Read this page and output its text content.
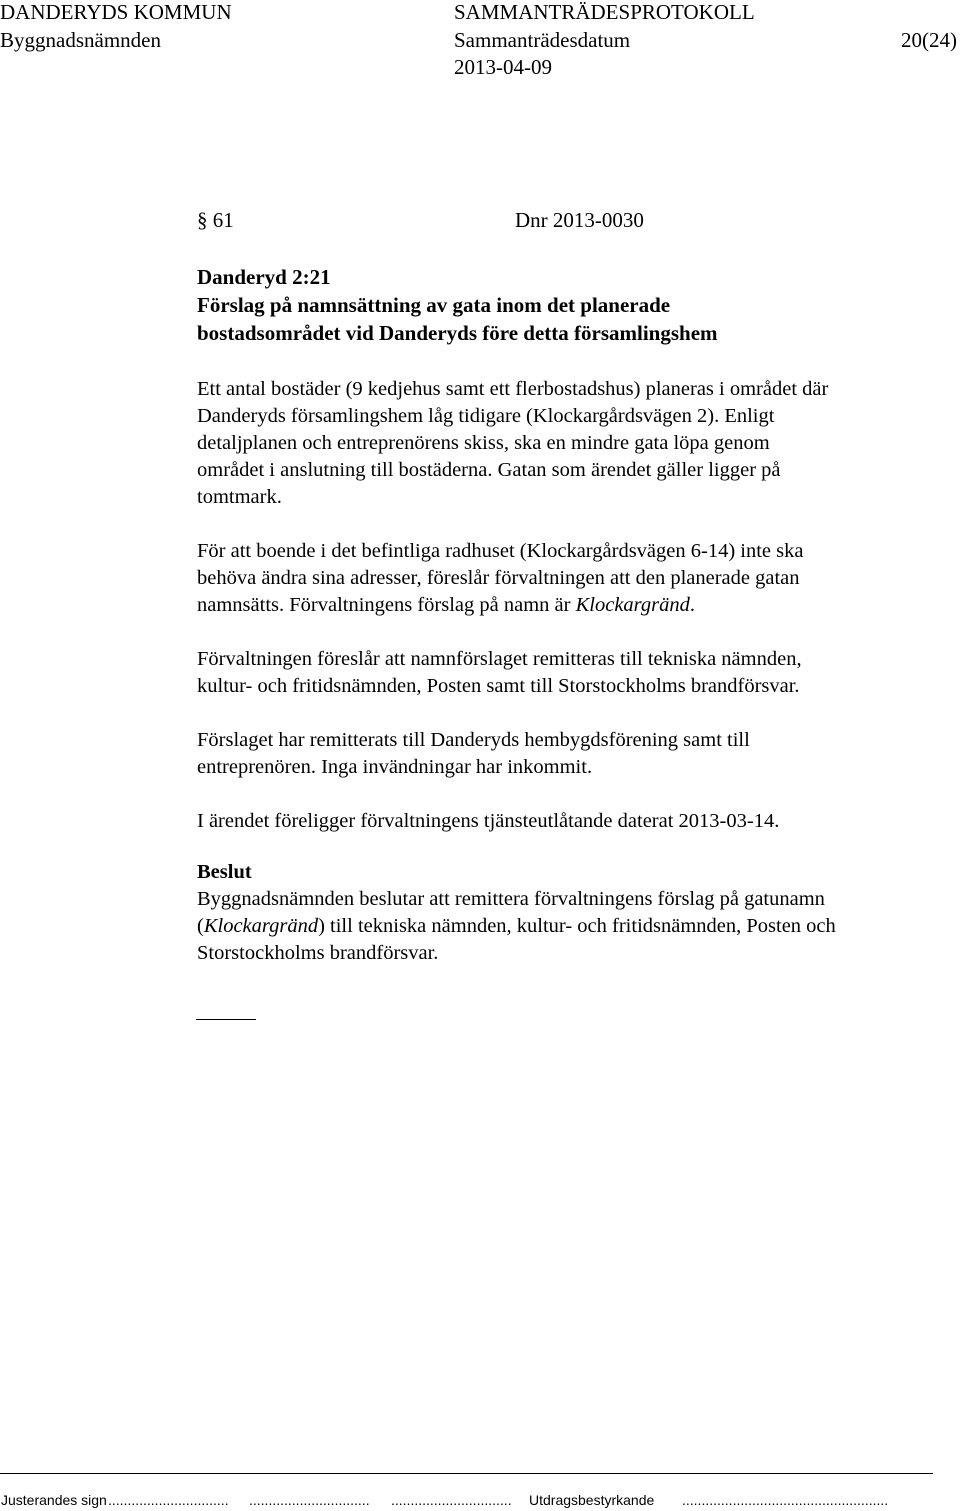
DANDERYDS KOMMUN	SAMMANTRÄDESPROTOKOLL
Byggnadsnämnden	Sammanträdesdatum	20(24)
2013-04-09
§ 61	Dnr 2013-0030
Danderyd 2:21
Förslag på namnsättning av gata inom det planerade
bostadsområdet vid Danderyds före detta församlingshem
Ett antal bostäder (9 kedjehus samt ett flerbostadshus) planeras i området där
Danderyds församlingshem låg tidigare (Klockargårdsvägen 2). Enligt
detaljplanen och entreprenörens skiss, ska en mindre gata löpa genom
området i anslutning till bostäderna. Gatan som ärendet gäller ligger på
tomtmark.
För att boende i det befintliga radhuset (Klockargårdsvägen 6-14) inte ska
behöva ändra sina adresser, föreslår förvaltningen att den planerade gatan
namnsätts. Förvaltningens förslag på namn är Klockargränd.
Förvaltningen föreslår att namnförslaget remitteras till tekniska nämnden,
kultur- och fritidsnämnden, Posten samt till Storstockholms brandförsvar.
Förslaget har remitterats till Danderyds hembygdsförening samt till
entreprenören. Inga invändningar har inkommit.
I ärendet föreligger förvaltningens tjänsteutlåtande daterat 2013-03-14.
Beslut
Byggnadsnämnden beslutar att remittera förvaltningens förslag på gatunamn
(Klockargränd) till tekniska nämnden, kultur- och fritidsnämnden, Posten och
Storstockholms brandförsvar.
Justerandes sign ............................... ............................... ............................... Utdragsbestyrkande .....................................................
